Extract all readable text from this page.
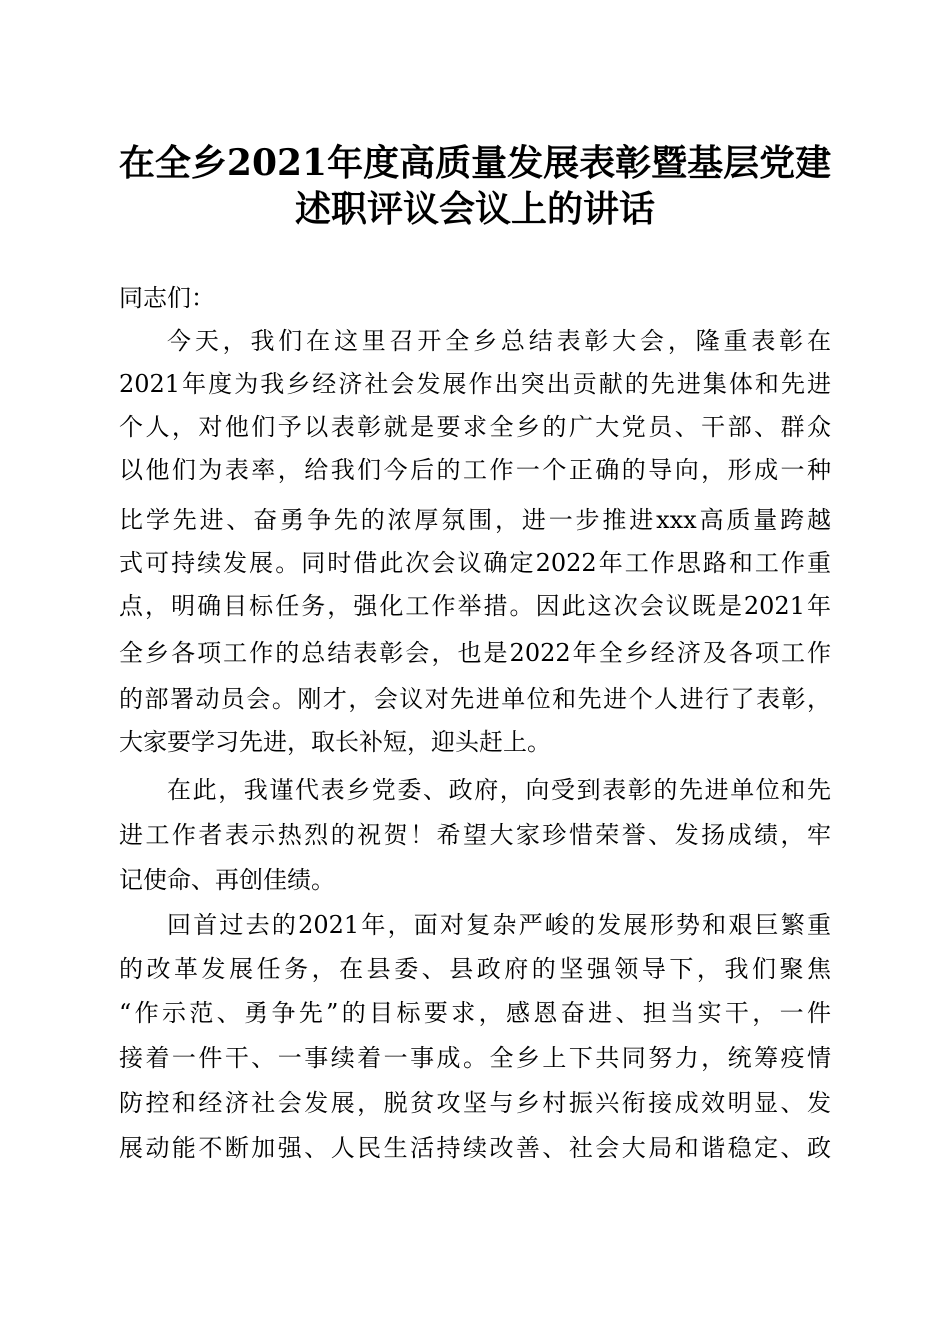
在全乡2021年度高质量发展表彰暨基层党建
述职评议会议上的讲话
同志们：
今天，我们在这里召开全乡总结表彰大会，隆重表彰在
2021年度为我乡经济社会发展作出突出贡献的先进集体和先进
个人，对他们予以表彰就是要求全乡的广大党员、干部、群众
以他们为表率，给我们今后的工作一个正确的导向，形成一种
比学先进、奋勇争先的浓厚氛围，进一步推进xxx高质量跨越
式可持续发展。同时借此次会议确定2022年工作思路和工作重
点，明确目标任务，强化工作举措。因此这次会议既是2021年
全乡各项工作的总结表彰会，也是2022年全乡经济及各项工作
的部署动员会。刚才，会议对先进单位和先进个人进行了表彰，
大家要学习先进，取长补短，迎头赶上。
在此，我谨代表乡党委、政府，向受到表彰的先进单位和先
进工作者表示热烈的祝贺！希望大家珍惜荣誉、发扬成绩，牢
记使命、再创佳绩。
回首过去的2021年，面对复杂严峻的发展形势和艰巨繁重
的改革发展任务，在县委、县政府的坚强领导下，我们聚焦
“作示范、勇争先”的目标要求，感恩奋进、担当实干，一件
接着一件干、一事续着一事成。全乡上下共同努力，统筹疫情
防控和经济社会发展，脱贫攻坚与乡村振兴衔接成效明显、发
展动能不断加强、人民生活持续改善、社会大局和谐稳定、政
